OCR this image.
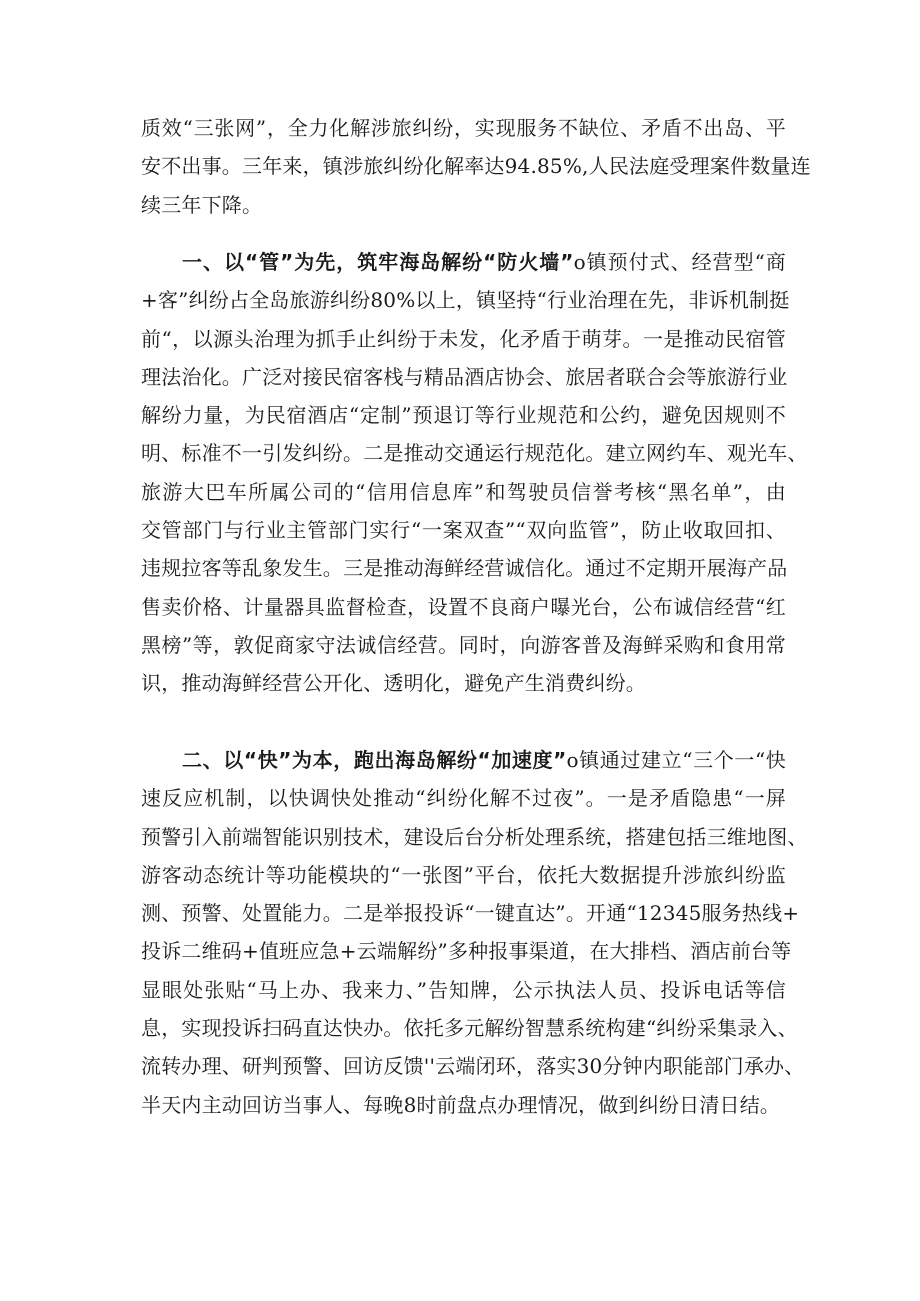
质效“三张网”，全力化解涉旅纠纷，实现服务不缺位、矛盾不出岛、平
安不出事。三年来，镇涉旅纠纷化解率达94.85%,人民法庭受理案件数量连
续三年下降。
一、以“管”为先，筑牢海岛解纷“防火墙”o镇预付式、经营型“商
+客”纠纷占全岛旅游纠纷80%以上，镇坚持“行业治理在先，非诉机制挺
前“，以源头治理为抓手止纠纷于未发，化矛盾于萌芽。一是推动民宿管
理法治化。广泛对接民宿客栈与精品酒店协会、旅居者联合会等旅游行业
解纷力量，为民宿酒店“定制”预退订等行业规范和公约，避免因规则不
明、标准不一引发纠纷。二是推动交通运行规范化。建立网约车、观光车、
旅游大巴车所属公司的“信用信息库”和驾驶员信誉考核“黑名单”，由
交管部门与行业主管部门实行“一案双查”“双向监管”，防止收取回扣、
违规拉客等乱象发生。三是推动海鲜经营诚信化。通过不定期开展海产品
售卖价格、计量器具监督检查，设置不良商户曝光台，公布诚信经营“红
黑榜”等，敦促商家守法诚信经营。同时，向游客普及海鲜采购和食用常
识，推动海鲜经营公开化、透明化，避免产生消费纠纷。
二、以“快”为本，跑出海岛解纷“加速度”o镇通过建立“三个一“快
速反应机制，以快调快处推动“纠纷化解不过夜”。一是矛盾隐患“一屏
预警引入前端智能识别技术，建设后台分析处理系统，搭建包括三维地图、
游客动态统计等功能模块的“一张图”平台，依托大数据提升涉旅纠纷监
测、预警、处置能力。二是举报投诉“一键直达”。开通“12345服务热线+
投诉二维码+值班应急+云端解纷”多种报事渠道，在大排档、酒店前台等
显眼处张贴“马上办、我来力、”告知牌，公示执法人员、投诉电话等信
息，实现投诉扫码直达快办。依托多元解纷智慧系统构建“纠纷采集录入、
流转办理、研判预警、回访反馈''云端闭环，落实30分钟内职能部门承办、
半天内主动回访当事人、每晚8时前盘点办理情况，做到纠纷日清日结。
